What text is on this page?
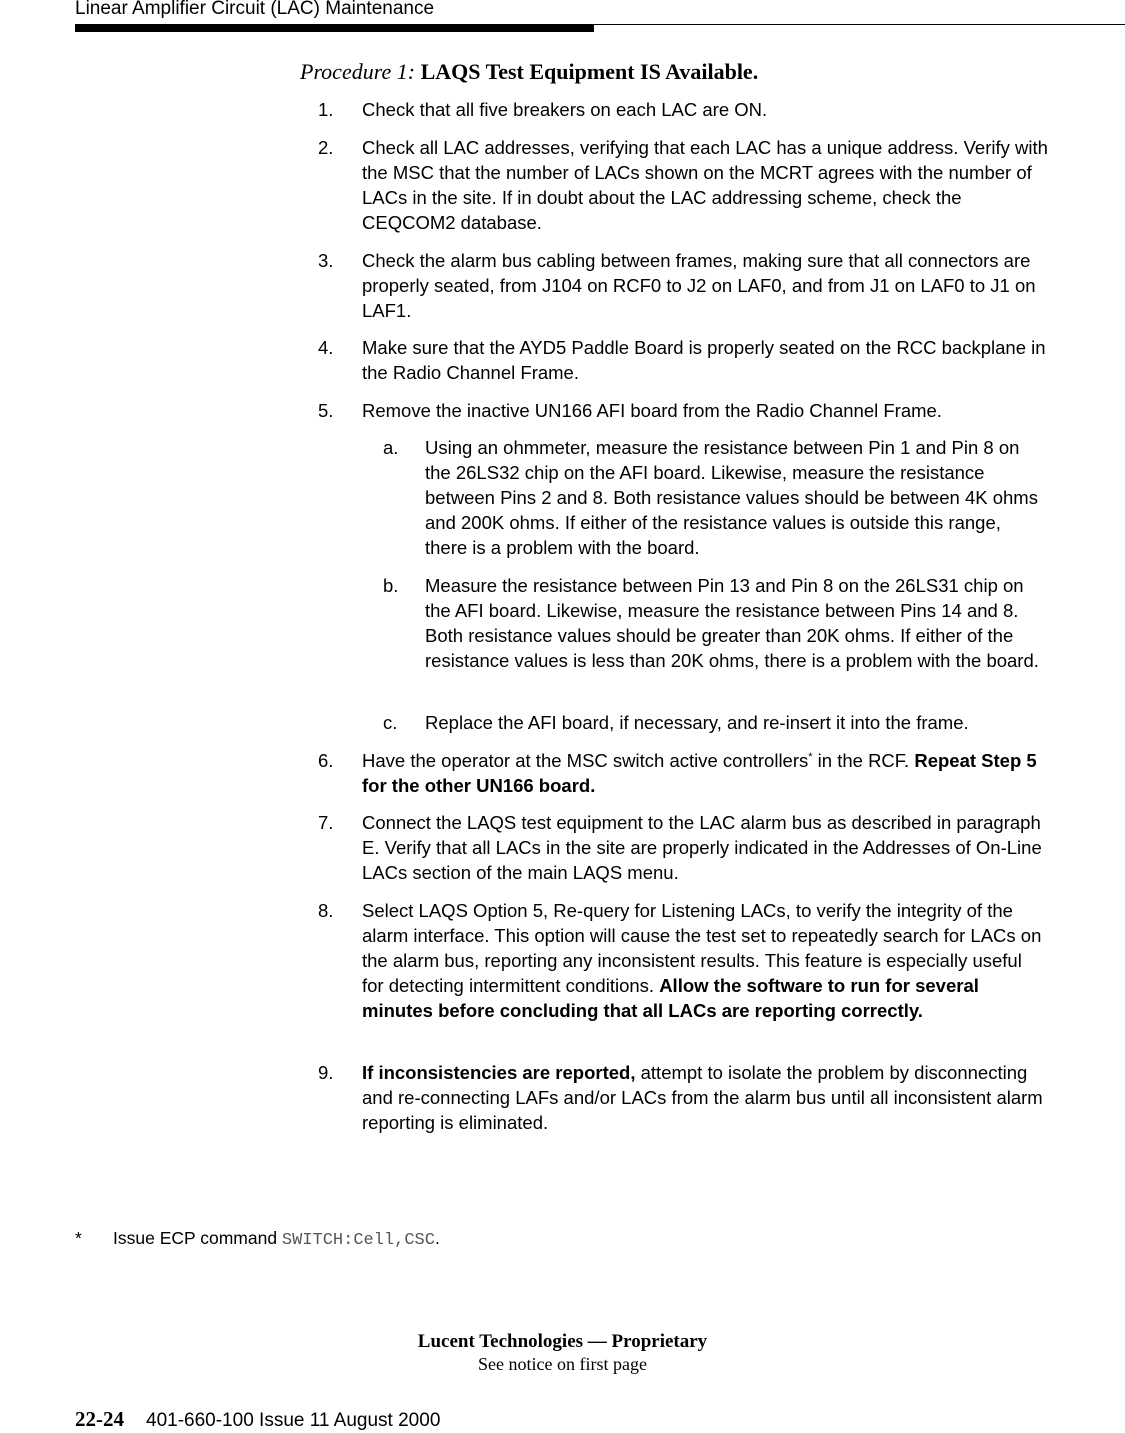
Linear Amplifier Circuit (LAC) Maintenance
Procedure 1: LAQS Test Equipment IS Available.
1. Check that all five breakers on each LAC are ON.
2. Check all LAC addresses, verifying that each LAC has a unique address. Verify with the MSC that the number of LACs shown on the MCRT agrees with the number of LACs in the site. If in doubt about the LAC addressing scheme, check the CEQCOM2 database.
3. Check the alarm bus cabling between frames, making sure that all connectors are properly seated, from J104 on RCF0 to J2 on LAF0, and from J1 on LAF0 to J1 on LAF1.
4. Make sure that the AYD5 Paddle Board is properly seated on the RCC backplane in the Radio Channel Frame.
5. Remove the inactive UN166 AFI board from the Radio Channel Frame.
a. Using an ohmmeter, measure the resistance between Pin 1 and Pin 8 on the 26LS32 chip on the AFI board. Likewise, measure the resistance between Pins 2 and 8. Both resistance values should be between 4K ohms and 200K ohms. If either of the resistance values is outside this range, there is a problem with the board.
b. Measure the resistance between Pin 13 and Pin 8 on the 26LS31 chip on the AFI board. Likewise, measure the resistance between Pins 14 and 8. Both resistance values should be greater than 20K ohms. If either of the resistance values is less than 20K ohms, there is a problem with the board.
c. Replace the AFI board, if necessary, and re-insert it into the frame.
6. Have the operator at the MSC switch active controllers* in the RCF. Repeat Step 5 for the other UN166 board.
7. Connect the LAQS test equipment to the LAC alarm bus as described in paragraph E. Verify that all LACs in the site are properly indicated in the Addresses of On-Line LACs section of the main LAQS menu.
8. Select LAQS Option 5, Re-query for Listening LACs, to verify the integrity of the alarm interface. This option will cause the test set to repeatedly search for LACs on the alarm bus, reporting any inconsistent results. This feature is especially useful for detecting intermittent conditions. Allow the software to run for several minutes before concluding that all LACs are reporting correctly.
9. If inconsistencies are reported, attempt to isolate the problem by disconnecting and re-connecting LAFs and/or LACs from the alarm bus until all inconsistent alarm reporting is eliminated.
* Issue ECP command SWITCH:Cell,CSC.
Lucent Technologies — Proprietary
See notice on first page
22-24 401-660-100 Issue 11 August 2000
